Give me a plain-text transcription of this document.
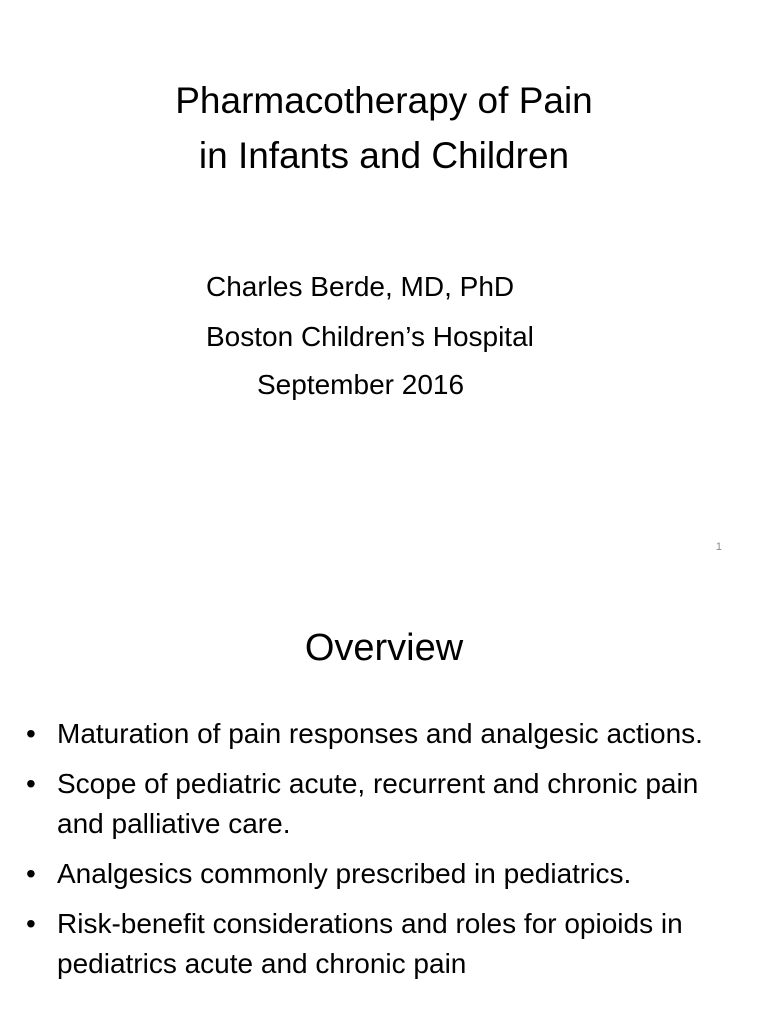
Pharmacotherapy of Pain
in Infants and Children
Charles Berde, MD, PhD
Boston Children’s Hospital
September 2016
1
Overview
• Maturation of pain responses and analgesic actions.
• Scope of pediatric acute, recurrent and chronic pain and palliative care.
• Analgesics commonly prescribed in pediatrics.
• Risk-benefit considerations and roles for opioids in pediatrics acute and chronic pain
